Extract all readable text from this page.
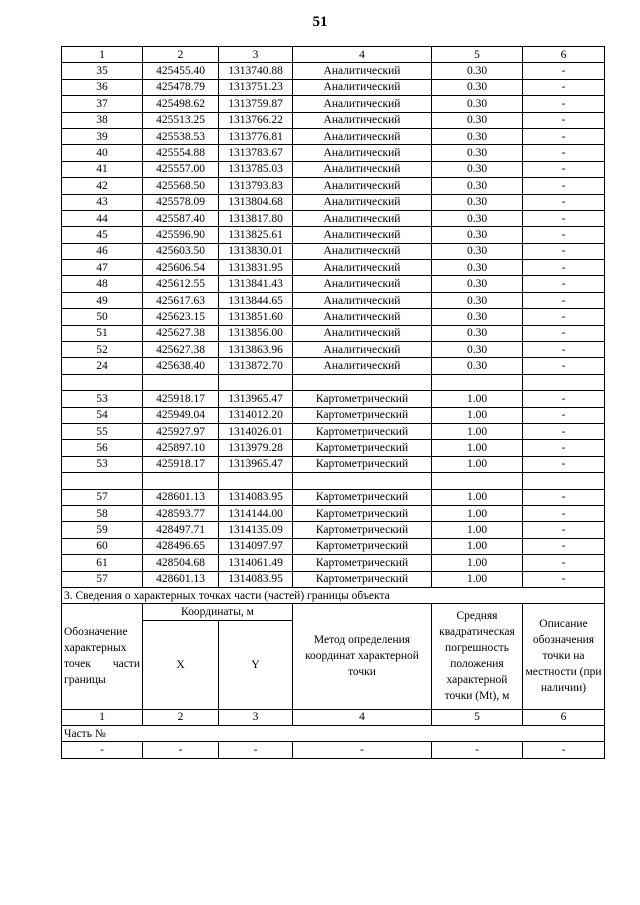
51
1	2	3	4	5	6
35	425455.40	1313740.88	Аналитический	0.30	-
36	425478.79	1313751.23	Аналитический	0.30	-
37	425498.62	1313759.87	Аналитический	0.30	-
38	425513.25	1313766.22	Аналитический	0.30	-
39	425538.53	1313776.81	Аналитический	0.30	-
40	425554.88	1313783.67	Аналитический	0.30	-
41	425557.00	1313785.03	Аналитический	0.30	-
42	425568.50	1313793.83	Аналитический	0.30	-
43	425578.09	1313804.68	Аналитический	0.30	-
44	425587.40	1313817.80	Аналитический	0.30	-
45	425596.90	1313825.61	Аналитический	0.30	-
46	425603.50	1313830.01	Аналитический	0.30	-
47	425606.54	1313831.95	Аналитический	0.30	-
48	425612.55	1313841.43	Аналитический	0.30	-
49	425617.63	1313844.65	Аналитический	0.30	-
50	425623.15	1313851.60	Аналитический	0.30	-
51	425627.38	1313856.00	Аналитический	0.30	-
52	425627.38	1313863.96	Аналитический	0.30	-
24	425638.40	1313872.70	Аналитический	0.30	-

53	425918.17	1313965.47	Картометрический	1.00	-
54	425949.04	1314012.20	Картометрический	1.00	-
55	425927.97	1314026.01	Картометрический	1.00	-
56	425897.10	1313979.28	Картометрический	1.00	-
53	425918.17	1313965.47	Картометрический	1.00	-

57	428601.13	1314083.95	Картометрический	1.00	-
58	428593.77	1314144.00	Картометрический	1.00	-
59	428497.71	1314135.09	Картометрический	1.00	-
60	428496.65	1314097.97	Картометрический	1.00	-
61	428504.68	1314061.49	Картометрический	1.00	-
57	428601.13	1314083.95	Картометрический	1.00	-
3. Сведения о характерных точках части (частей) границы объекта					
Обозначение характерных точек части границы	Координаты, м		Метод определения координат характерной точки	Средняя квадратическая погрешность положения характерной точки (Mt), м	Описание обозначения точки на местности (при наличии)
	X	Y			
1	2	3	4	5	6
Часть №					
-	-	-	-	-	-
